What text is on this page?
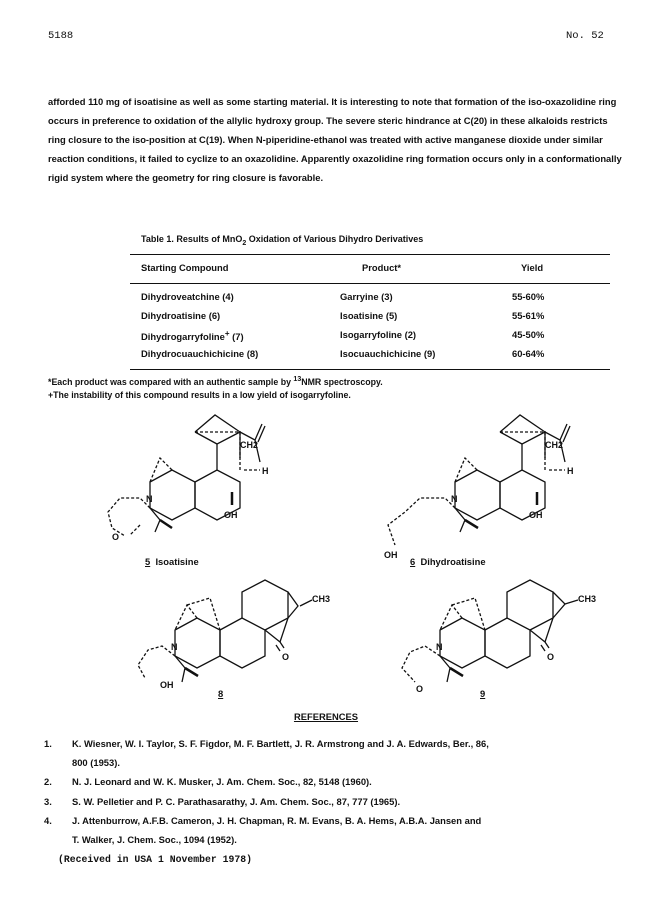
5188	No. 52

afforded 110 mg of isoatisine as well as some starting material. It is interesting to note that formation of the iso-oxazolidine ring occurs in preference to oxidation of the allylic hydroxy group. The severe steric hindrance at C(20) in these alkaloids restricts ring closure to the iso-position at C(19). When N-piperidine-ethanol was treated with active manganese dioxide under similar reaction conditions, it failed to cyclize to an oxazolidine. Apparently oxazolidine ring formation occurs only in a conformationally rigid system where the geometry for ring closure is favorable.

Table 1. Results of MnO$_2$ Oxidation of Various Dihydro Derivatives
Starting Compound	Product*	Yield
Dihydroveatchine (4)	Garryine (3)	55-60%
Dihydroatisine (6)	Isoatisine (5)	55-61%
Dihydrogarryfoline+ (7)	Isogarryfoline (2)	45-50%
Dihydrocuauchichicine (8)	Isocuauchichicine (9)	60-64%
*Each product was compared with an authentic sample by $^{13}$NMR spectroscopy.
+The instability of this compound results in a low yield of isogarryfoline.
CH2
H
OH
N
O
CH2
H
OH
N
OH
CH3
O
N
OH
CH3
O
N
O
5 Isoatisine	6 Dihydroatisine
8	9
REFERENCES
1. K. Wiesner, W. I. Taylor, S. F. Figdor, M. F. Bartlett, J. R. Armstrong and J. A. Edwards, Ber., 86,
800 (1953).
2. N. J. Leonard and W. K. Musker, J. Am. Chem. Soc., 82, 5148 (1960).
3. S. W. Pelletier and P. C. Parathasarathy, J. Am. Chem. Soc., 87, 777 (1965).
4. J. Attenburrow, A.F.B. Cameron, J. H. Chapman, R. M. Evans, B. A. Hems, A.B.A. Jansen and
T. Walker, J. Chem. Soc., 1094 (1952).
(Received in USA 1 November 1978)
